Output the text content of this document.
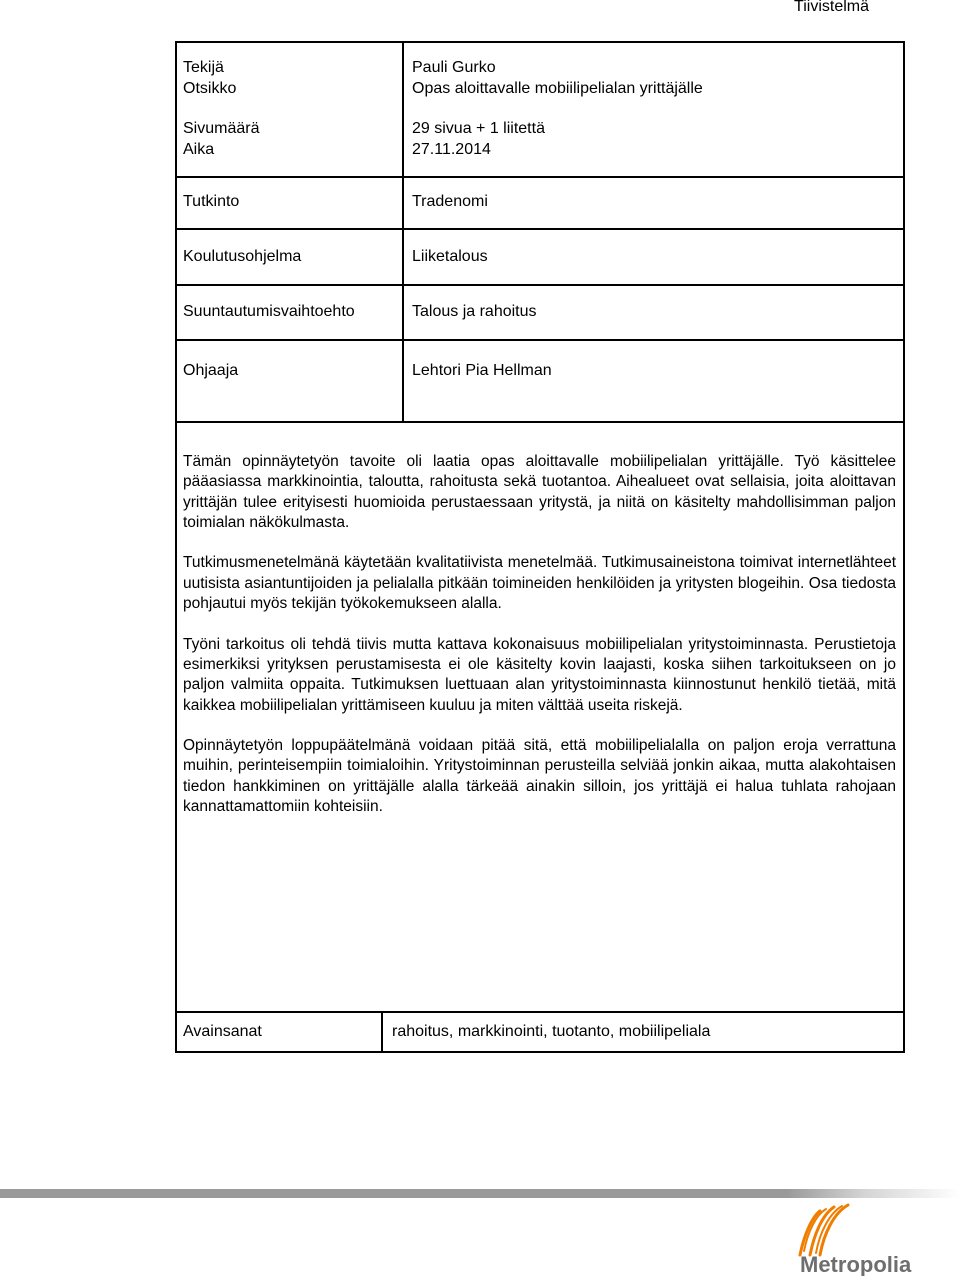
Tiivistelmä
Tekijä	Pauli Gurko
Otsikko	Opas aloittavalle mobiilipelialan yrittäjälle
Sivumäärä	29 sivua + 1 liitettä
Aika	27.11.2014
Tutkinto	Tradenomi
Koulutusohjelma	Liiketalous
Suuntautumisvaihtoehto	Talous ja rahoitus
Ohjaaja	Lehtori Pia Hellman

Tämän opinnäytetyön tavoite oli laatia opas aloittavalle mobiilipelialan yrittäjälle. Työ käsittelee pääasiassa markkinointia, taloutta, rahoitusta sekä tuotantoa. Aihealueet ovat sellaisia, joita aloittavan yrittäjän tulee erityisesti huomioida perustaessaan yritystä, ja niitä on käsitelty mahdollisimman paljon toimialan näkökulmasta.

Tutkimusmenetelmänä käytetään kvalitatiivista menetelmää. Tutkimusaineistona toimivat internetlähteet uutisista asiantuntijoiden ja pelialalla pitkään toimineiden henkilöiden ja yritysten blogeihin. Osa tiedosta pohjautui myös tekijän työkokemukseen alalla.

Työni tarkoitus oli tehdä tiivis mutta kattava kokonaisuus mobiilipelialan yritystoiminnasta. Perustietoja esimerkiksi yrityksen perustamisesta ei ole käsitelty kovin laajasti, koska siihen tarkoitukseen on jo paljon valmiita oppaita. Tutkimuksen luettuaan alan yritystoiminnasta kiinnostunut henkilö tietää, mitä kaikkea mobiilipelialan yrittämiseen kuuluu ja miten välttää useita riskejä.

Opinnäytetyön loppupäätelmänä voidaan pitää sitä, että mobiilipelialalla on paljon eroja verrattuna muihin, perinteisempiin toimialoihin. Yritystoiminnan perusteilla selviää jonkin aikaa, mutta alakohtaisen tiedon hankkiminen on yrittäjälle alalla tärkeää ainakin silloin, jos yrittäjä ei halua tuhlata rahojaan kannattamattomiin kohteisiin.

Avainsanat	rahoitus, markkinointi, tuotanto, mobiilipeliala
Metropolia
